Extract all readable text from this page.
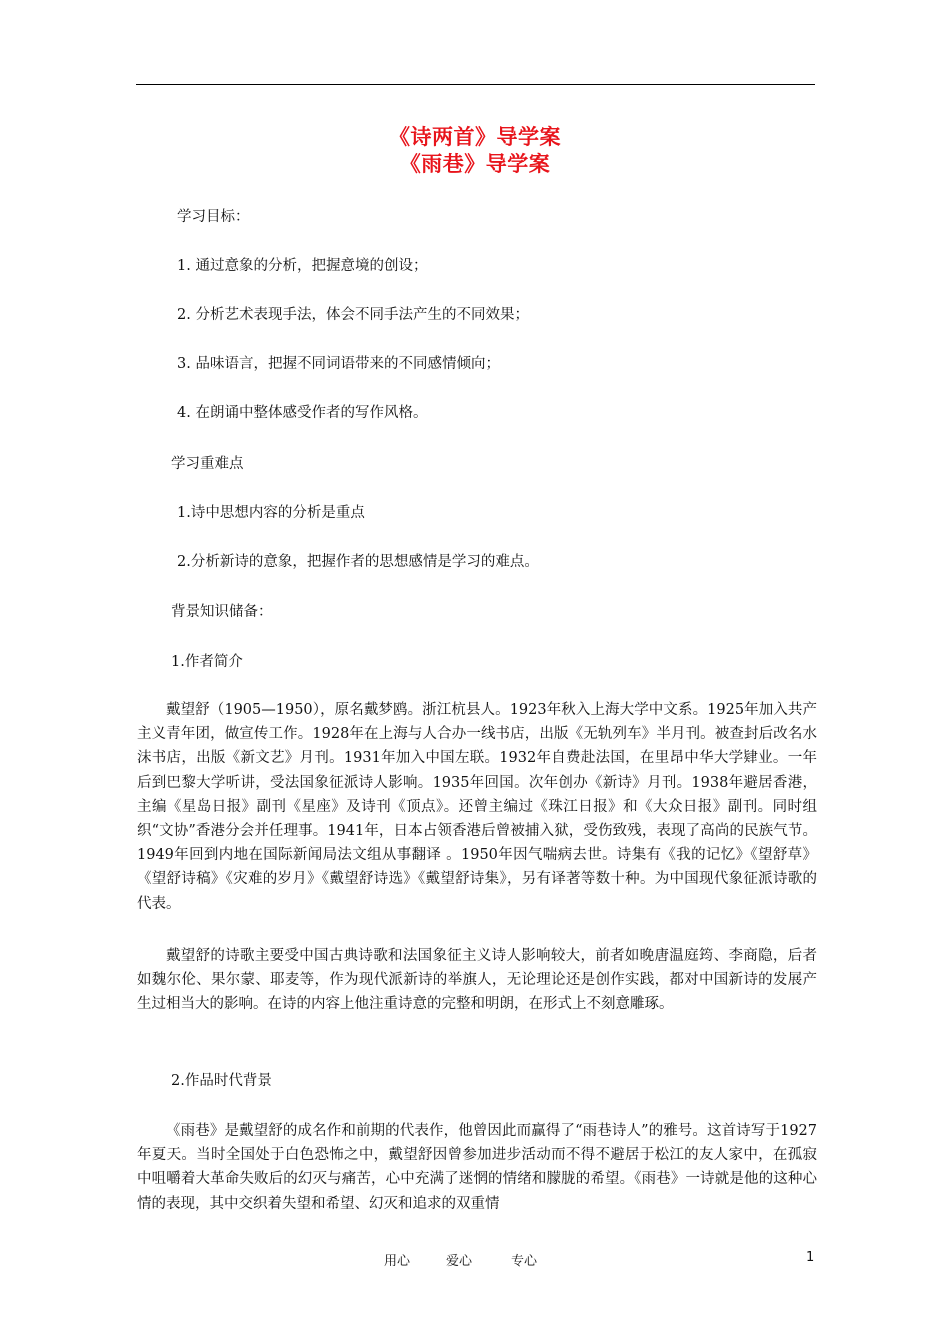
《诗两首》导学案
《雨巷》导学案
学习目标：
1. 通过意象的分析，把握意境的创设；
2. 分析艺术表现手法，体会不同手法产生的不同效果；
3. 品味语言，把握不同词语带来的不同感情倾向；
4. 在朗诵中整体感受作者的写作风格。
学习重难点
1.诗中思想内容的分析是重点
2.分析新诗的意象，把握作者的思想感情是学习的难点。
背景知识储备：
1.作者简介

戴望舒（1905—1950），原名戴梦鸥。浙江杭县人。1923年秋入上海大学中文系。1925年加入共产主义青年团，做宣传工作。1928年在上海与人合办一线书店，出版《无轨列车》半月刊。被查封后改名水沫书店，出版《新文艺》月刊。1931年加入中国左联。1932年自费赴法国，在里昂中华大学肄业。一年后到巴黎大学听讲，受法国象征派诗人影响。1935年回国。次年创办《新诗》月刊。1938年避居香港，主编《星岛日报》副刊《星座》及诗刊《顶点》。还曾主编过《珠江日报》和《大众日报》副刊。同时组织“文协”香港分会并任理事。1941年，日本占领香港后曾被捕入狱，受伤致残，表现了高尚的民族气节。1949年回到内地在国际新闻局法文组从事翻译 。1950年因气喘病去世。诗集有《我的记忆》《望舒草》《望舒诗稿》《灾难的岁月》《戴望舒诗选》《戴望舒诗集》，另有译著等数十种。为中国现代象征派诗歌的代表。

戴望舒的诗歌主要受中国古典诗歌和法国象征主义诗人影响较大，前者如晚唐温庭筠、李商隐，后者如魏尔伦、果尔蒙、耶麦等，作为现代派新诗的举旗人，无论理论还是创作实践，都对中国新诗的发展产生过相当大的影响。在诗的内容上他注重诗意的完整和明朗，在形式上不刻意雕琢。

2.作品时代背景

《雨巷》是戴望舒的成名作和前期的代表作，他曾因此而赢得了“雨巷诗人”的雅号。这首诗写于1927年夏天。当时全国处于白色恐怖之中，戴望舒因曾参加进步活动而不得不避居于松江的友人家中，在孤寂中咀嚼着大革命失败后的幻灭与痛苦，心中充满了迷惘的情绪和朦胧的希望。《雨巷》一诗就是他的这种心情的表现，其中交织着失望和希望、幻灭和追求的双重情

用心	爱心	专心	1
